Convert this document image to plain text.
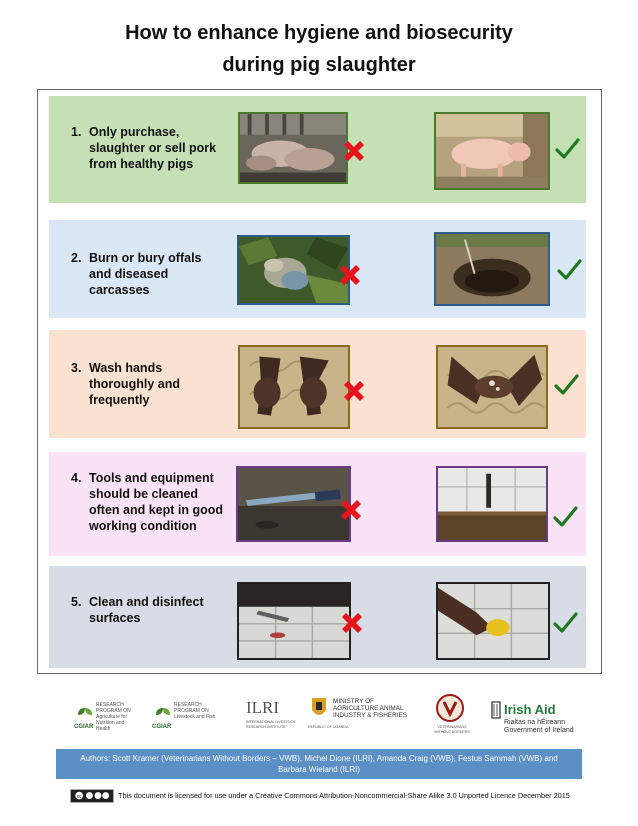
How to enhance hygiene and biosecurity
during pig slaughter
1. Only purchase, slaughter or sell pork from healthy pigs
2. Burn or bury offals and diseased carcasses
3. Wash hands thoroughly and frequently
4. Tools and equipment should be cleaned often and kept in good working condition
5. Clean and disinfect surfaces
CGIAR
RESEARCH PROGRAM ON Agriculture for Nutrition and Health	CGIAR
RESEARCH PROGRAM ON Livestock and Fish	ILRI
INTERNATIONAL LIVESTOCK RESEARCH INSTITUTE
MINISTRY OF AGRICULTURE ANIMAL INDUSTRY & FISHERIES
REPUBLIC OF UGANDA	VETERINARIANS WITHOUT BORDERS
Irish Aid
Rialtas na hÉireann
Government of Ireland
Authors: Scott Kramer (Veterinarians Without Borders – VWB), Michel Dione (ILRI), Amanda Craig (VWB), Festus Sammah (VWB) and Barbara Wieland (ILRI)
cc	This document is licensed for use under a Creative Commons Attribution-Noncommercial-Share Alike 3.0 Unported Licence December 2015
